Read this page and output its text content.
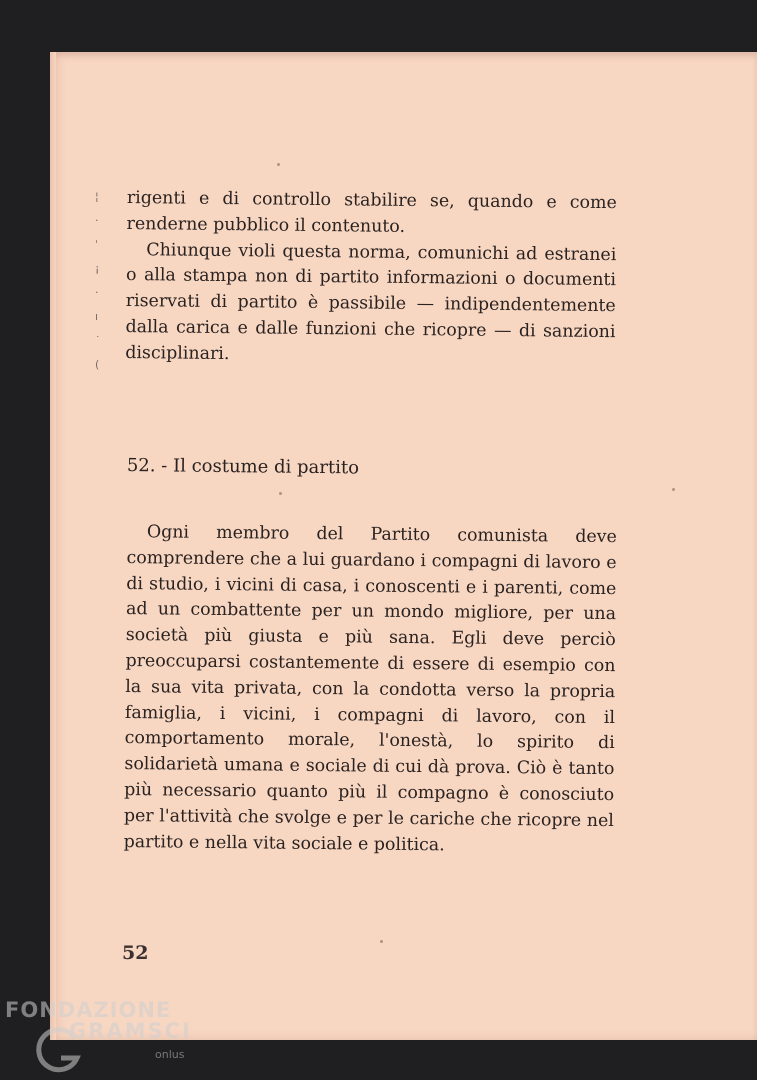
¦
·
ˈ
¡
·
ı
˙
(

rigenti e di controllo stabilire se, quando e come renderne pubblico il contenuto.

Chiunque violi questa norma, comunichi ad estranei o alla stampa non di partito informazioni o documenti riservati di partito è passibile — indipendentemente dalla carica e dalle funzioni che ricopre — di sanzioni disciplinari.

52. - Il costume di partito

Ogni membro del Partito comunista deve comprendere che a lui guardano i compagni di lavoro e di studio, i vicini di casa, i conoscenti e i parenti, come ad un combattente per un mondo migliore, per una società più giusta e più sana. Egli deve perciò preoccuparsi costantemente di essere di esempio con la sua vita privata, con la condotta verso la propria famiglia, i vicini, i compagni di lavoro, con il comportamento morale, l'onestà, lo spirito di solidarietà umana e sociale di cui dà prova. Ciò è tanto più necessario quanto più il compagno è conosciuto per l'attività che svolge e per le cariche che ricopre nel partito e nella vita sociale e politica.

52
FONDAZIONE
GRAMSCI
onlus
